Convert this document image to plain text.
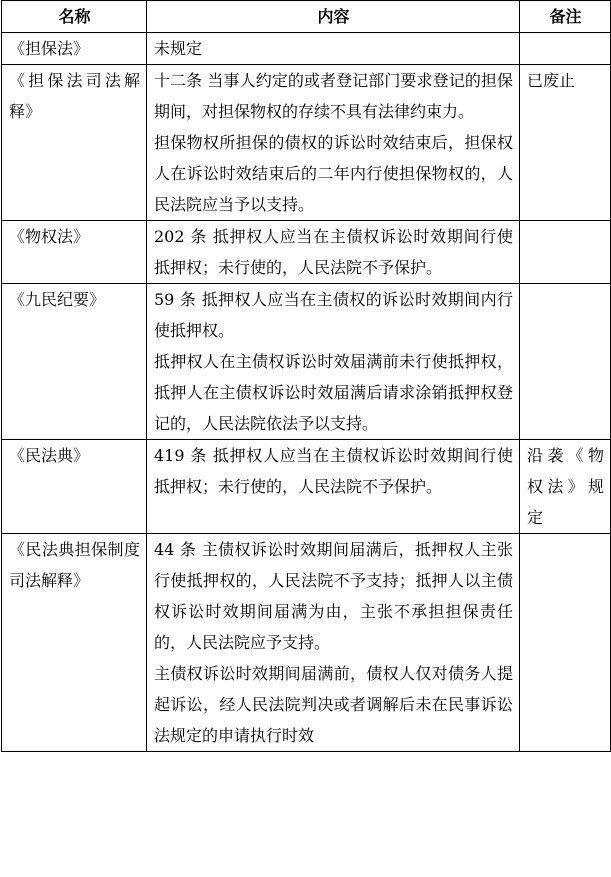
名称	内容	备注
《担保法》	未规定	

《担保法司法解释》	十二条 当事人约定的或者登记部门要求登记的担保期间，对担保物权的存续不具有法律约束力。

担保物权所担保的债权的诉讼时效结束后，担保权人在诉讼时效结束后的二年内行使担保物权的，人民法院应当予以支持。	已废止
《物权法》	202 条 抵押权人应当在主债权诉讼时效期间行使抵押权；未行使的，人民法院不予保护。	

《九民纪要》	59 条 抵押权人应当在主债权的诉讼时效期间内行使抵押权。

抵押权人在主债权诉讼时效届满前未行使抵押权，抵押人在主债权诉讼时效届满后请求涂销抵押权登记的，人民法院依法予以支持。	

《民法典》	419 条 抵押权人应当在主债权诉讼时效期间行使抵押权；未行使的，人民法院不予保护。	沿袭《物权法》规定
《民法典担保制度司法解释》	44 条 主债权诉讼时效期间届满后，抵押权人主张行使抵押权的，人民法院不予支持；抵押人以主债权诉讼时效期间届满为由，主张不承担担保责任的，人民法院应予支持。

主债权诉讼时效期间届满前，债权人仅对债务人提起诉讼，经人民法院判决或者调解后未在民事诉讼法规定的申请执行时效	
